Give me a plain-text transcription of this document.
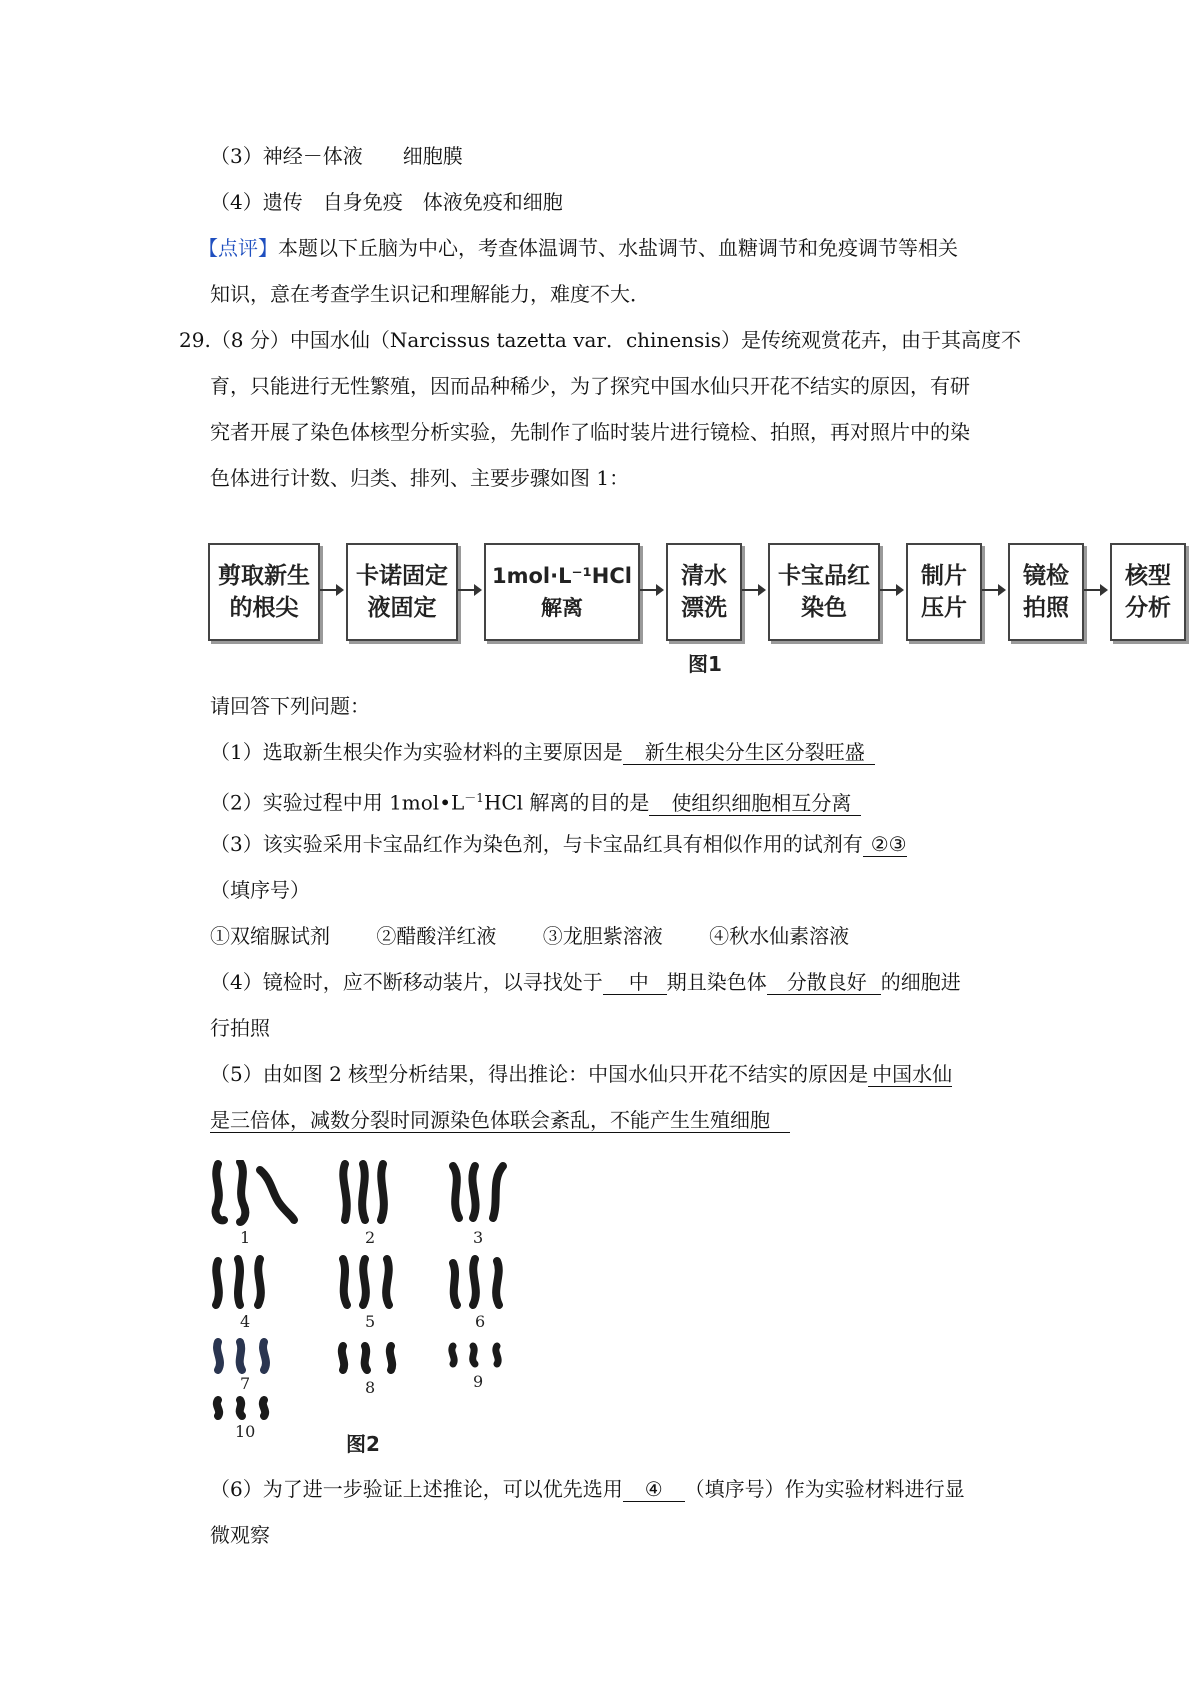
（3）神经－体液　　细胞膜
（4）遗传　自身免疫　体液免疫和细胞
【点评】本题以下丘脑为中心，考查体温调节、水盐调节、血糖调节和免疫调节等相关
知识，意在考查学生识记和理解能力，难度不大．
29.（8 分）中国水仙（Narcissus tazetta var．chinensis）是传统观赏花卉，由于其高度不
育，只能进行无性繁殖，因而品种稀少，为了探究中国水仙只开花不结实的原因，有研
究者开展了染色体核型分析实验，先制作了临时装片进行镜检、拍照，再对照片中的染
色体进行计数、归类、排列、主要步骤如图 1：
剪取新生
的根尖
卡诺固定
液固定
1mol·L⁻¹HCl
解离
清水
漂洗
卡宝品红
染色
制片
压片
镜检
拍照
核型
分析
图1
请回答下列问题：
（1）选取新生根尖作为实验材料的主要原因是 新生根尖分生区分裂旺盛
（2）实验过程中用 $1mol•L^{-1}HCl$ 解离的目的是 使组织细胞相互分离
（3）该实验采用卡宝品红作为染色剂，与卡宝品红具有相似作用的试剂有 ②③
（填序号）
①双缩脲试剂 ②醋酸洋红液 ③龙胆紫溶液 ④秋水仙素溶液
（4）镜检时，应不断移动装片，以寻找处于 中 期且染色体 分散良好 的细胞进
行拍照
（5）由如图 2 核型分析结果，得出推论：中国水仙只开花不结实的原因是 中国水仙
是三倍体，减数分裂时同源染色体联会紊乱，不能产生生殖细胞
1	2	3
4	5	6
7	8	9
10
图2
（6）为了进一步验证上述推论，可以优先选用 ④ （填序号）作为实验材料进行显
微观察
